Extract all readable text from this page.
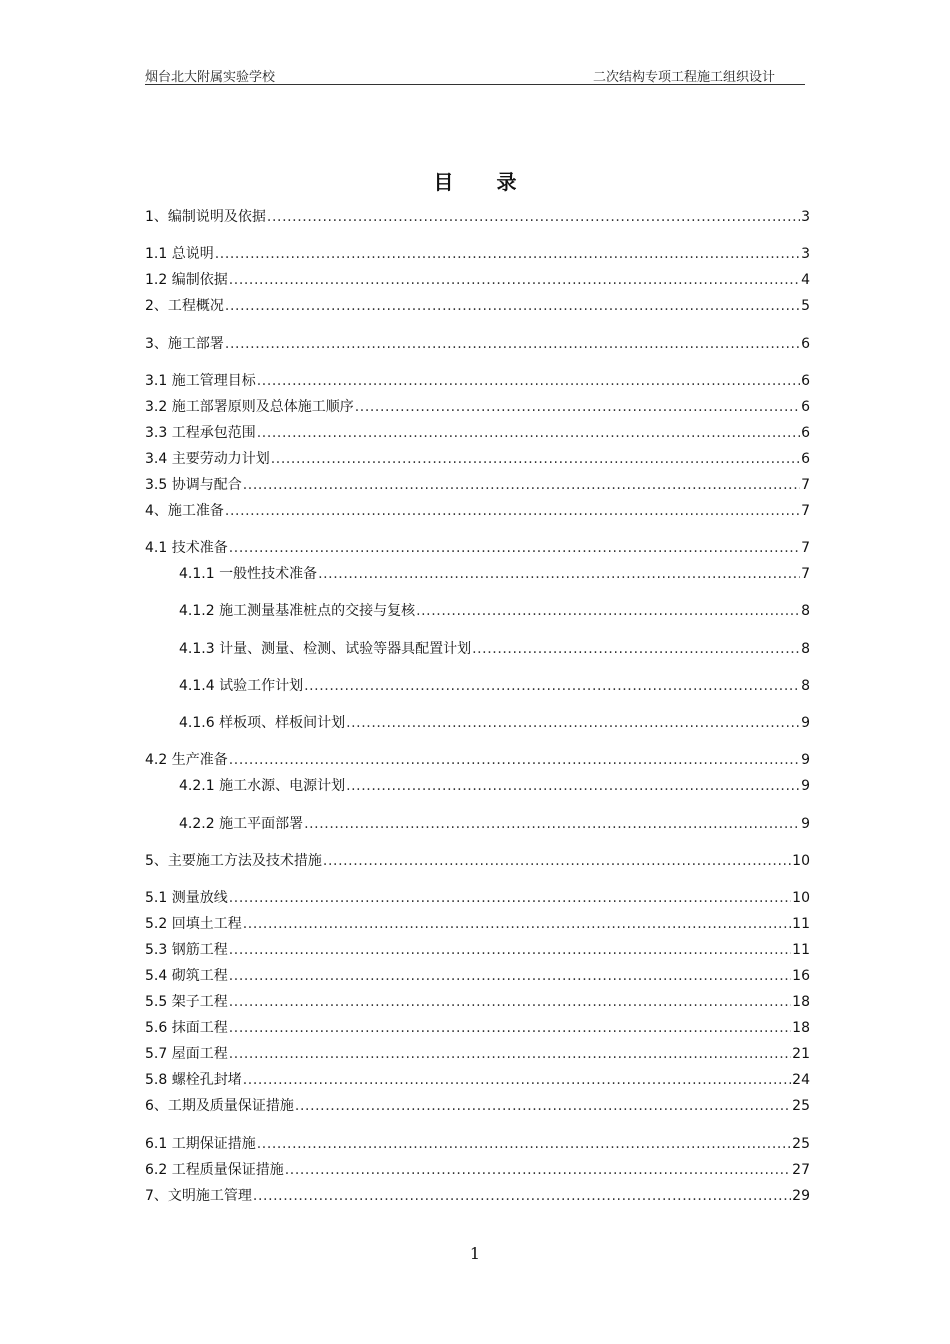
烟台北大附属实验学校	二次结构专项工程施工组织设计
目 录
1、编制说明及依据 .....	3
1.1 总说明 .....	3
1.2 编制依据 .....	4
2、工程概况 .....	5
3、施工部署 .....	6
3.1 施工管理目标 .....	6
3.2 施工部署原则及总体施工顺序 .....	6
3.3 工程承包范围 .....	6
3.4 主要劳动力计划 .....	6
3.5 协调与配合 .....	7
4、施工准备 .....	7
4.1 技术准备 .....	7
4.1.1 一般性技术准备 .....	7
4.1.2 施工测量基准桩点的交接与复核 .....	8
4.1.3 计量、测量、检测、试验等器具配置计划 .....	8
4.1.4 试验工作计划 .....	8
4.1.6 样板项、样板间计划 .....	9
4.2 生产准备 .....	9
4.2.1 施工水源、电源计划 .....	9
4.2.2 施工平面部署 .....	9
5、主要施工方法及技术措施 .....	10
5.1 测量放线 .....	10
5.2 回填土工程 .....	11
5.3 钢筋工程 .....	11
5.4 砌筑工程 .....	16
5.5 架子工程 .....	18
5.6 抹面工程 .....	18
5.7 屋面工程 .....	21
5.8 螺栓孔封堵 .....	24
6、工期及质量保证措施 .....	25
6.1 工期保证措施 .....	25
6.2 工程质量保证措施 .....	27
7、文明施工管理 .....	29
1
